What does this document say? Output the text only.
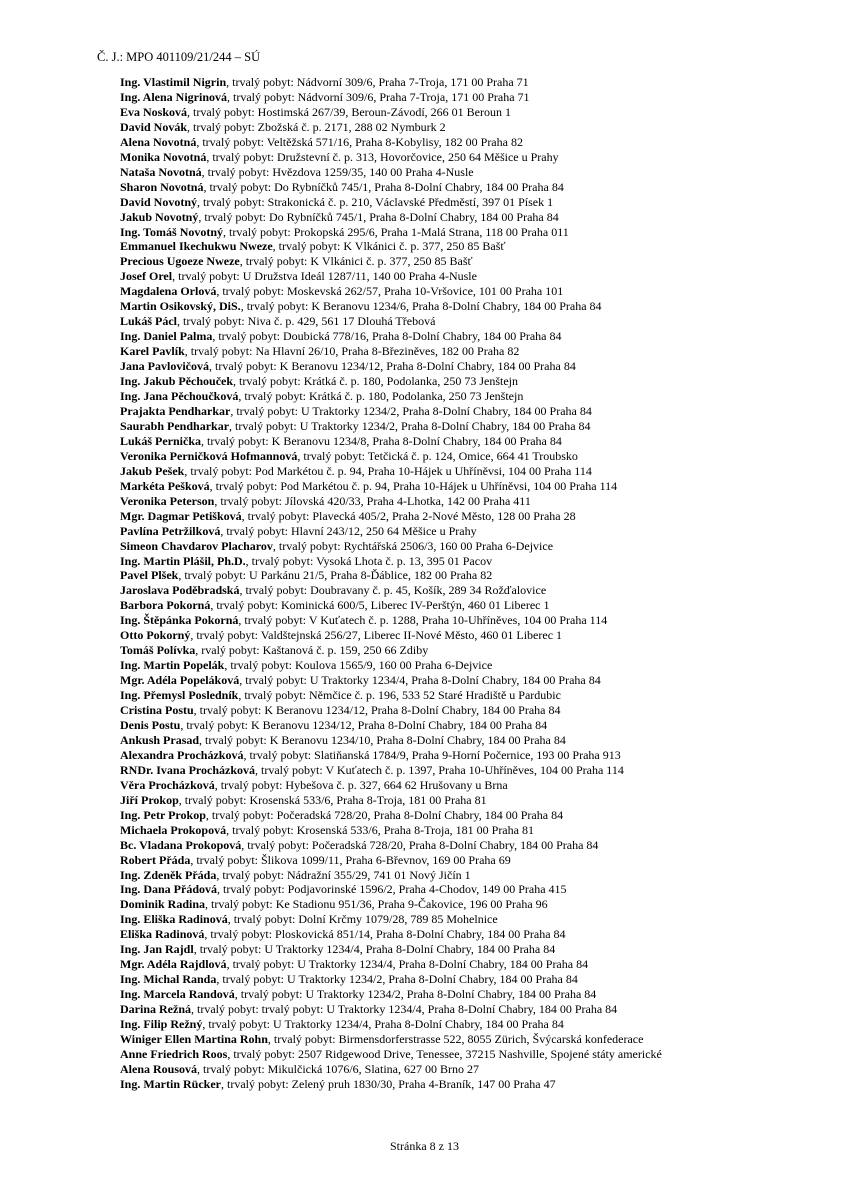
Č. J.: MPO 401109/21/244 – SÚ
Ing. Vlastimil Nigrin, trvalý pobyt: Nádvorní 309/6, Praha 7-Troja, 171 00 Praha 71
Ing. Alena Nigrinová, trvalý pobyt: Nádvorní 309/6, Praha 7-Troja, 171 00 Praha 71
Eva Nosková, trvalý pobyt: Hostimská 267/39, Beroun-Závodí, 266 01 Beroun 1
David Novák, trvalý pobyt: Zbožská č. p. 2171, 288 02 Nymburk 2
Alena Novotná, trvalý pobyt: Veltěžská 571/16, Praha 8-Kobylisy, 182 00 Praha 82
Monika Novotná, trvalý pobyt: Družstevní č. p. 313, Hovorčovice, 250 64 Měšice u Prahy
Nataša Novotná, trvalý pobyt: Hvězdova 1259/35, 140 00 Praha 4-Nusle
Sharon Novotná, trvalý pobyt: Do Rybníčků 745/1, Praha 8-Dolní Chabry, 184 00 Praha 84
David Novotný, trvalý pobyt: Strakonická č. p. 210, Václavské Předměstí, 397 01 Písek 1
Jakub Novotný, trvalý pobyt: Do Rybníčků 745/1, Praha 8-Dolní Chabry, 184 00 Praha 84
Ing. Tomáš Novotný, trvalý pobyt: Prokopská 295/6, Praha 1-Malá Strana, 118 00 Praha 011
Emmanuel Ikechukwu Nweze, trvalý pobyt: K Vlkánici č. p. 377, 250 85 Bašť
Precious Ugoeze Nweze, trvalý pobyt: K Vlkánici č. p. 377, 250 85 Bašť
Josef Orel, trvalý pobyt: U Družstva Ideál 1287/11, 140 00 Praha 4-Nusle
Magdalena Orlová, trvalý pobyt: Moskevská 262/57, Praha 10-Vršovice, 101 00 Praha 101
Martin Osikovský, DiS., trvalý pobyt: K Beranovu 1234/6, Praha 8-Dolní Chabry, 184 00 Praha 84
Lukáš Pácl, trvalý pobyt: Niva č. p. 429, 561 17 Dlouhá Třebová
Ing. Daniel Palma, trvalý pobyt: Doubická 778/16, Praha 8-Dolní Chabry, 184 00 Praha 84
Karel Pavlík, trvalý pobyt: Na Hlavní 26/10, Praha 8-Březiněves, 182 00 Praha 82
Jana Pavlovičová, trvalý pobyt: K Beranovu 1234/12, Praha 8-Dolní Chabry, 184 00 Praha 84
Ing. Jakub Pěchouček, trvalý pobyt: Krátká č. p. 180, Podolanka, 250 73 Jenštejn
Ing. Jana Pěchoučková, trvalý pobyt: Krátká č. p. 180, Podolanka, 250 73 Jenštejn
Prajakta Pendharkar, trvalý pobyt: U Traktorky 1234/2, Praha 8-Dolní Chabry, 184 00 Praha 84
Saurabh Pendharkar, trvalý pobyt: U Traktorky 1234/2, Praha 8-Dolní Chabry, 184 00 Praha 84
Lukáš Pernička, trvalý pobyt: K Beranovu 1234/8, Praha 8-Dolní Chabry, 184 00 Praha 84
Veronika Perničková Hofmannová, trvalý pobyt: Tetčická č. p. 124, Omice, 664 41 Troubsko
Jakub Pešek, trvalý pobyt: Pod Markétou č. p. 94, Praha 10-Hájek u Uhříněvsi, 104 00 Praha 114
Markéta Pešková, trvalý pobyt: Pod Markétou č. p. 94, Praha 10-Hájek u Uhříněvsi, 104 00 Praha 114
Veronika Peterson, trvalý pobyt: Jílovská 420/33, Praha 4-Lhotka, 142 00 Praha 411
Mgr. Dagmar Petišková, trvalý pobyt: Plavecká 405/2, Praha 2-Nové Město, 128 00 Praha 28
Pavlína Petržilková, trvalý pobyt: Hlavní 243/12, 250 64 Měšice u Prahy
Simeon Chavdarov Placharov, trvalý pobyt: Rychtářská 2506/3, 160 00 Praha 6-Dejvice
Ing. Martin Plášil, Ph.D., trvalý pobyt: Vysoká Lhota č. p. 13, 395 01 Pacov
Pavel Plšek, trvalý pobyt: U Parkánu 21/5, Praha 8-Ďáblice, 182 00 Praha 82
Jaroslava Poděbradská, trvalý pobyt: Doubravany č. p. 45, Košík, 289 34 Rožďalovice
Barbora Pokorná, trvalý pobyt: Kominická 600/5, Liberec IV-Perštýn, 460 01 Liberec 1
Ing. Štěpánka Pokorná, trvalý pobyt: V Kuťatech č. p. 1288, Praha 10-Uhříněves, 104 00 Praha 114
Otto Pokorný, trvalý pobyt: Valdštejnská 256/27, Liberec II-Nové Město, 460 01 Liberec 1
Tomáš Polívka, rvalý pobyt: Kaštanová č. p. 159, 250 66 Zdiby
Ing. Martin Popelák, trvalý pobyt: Koulova 1565/9, 160 00 Praha 6-Dejvice
Mgr. Adéla Popeláková, trvalý pobyt: U Traktorky 1234/4, Praha 8-Dolní Chabry, 184 00 Praha 84
Ing. Přemysl Posledník, trvalý pobyt: Němčice č. p. 196, 533 52 Staré Hradiště u Pardubic
Cristina Postu, trvalý pobyt: K Beranovu 1234/12, Praha 8-Dolní Chabry, 184 00 Praha 84
Denis Postu, trvalý pobyt: K Beranovu 1234/12, Praha 8-Dolní Chabry, 184 00 Praha 84
Ankush Prasad, trvalý pobyt: K Beranovu 1234/10, Praha 8-Dolní Chabry, 184 00 Praha 84
Alexandra Procházková, trvalý pobyt: Slatiňanská 1784/9, Praha 9-Horní Počernice, 193 00 Praha 913
RNDr. Ivana Procházková, trvalý pobyt: V Kuťatech č. p. 1397, Praha 10-Uhříněves, 104 00 Praha 114
Věra Procházková, trvalý pobyt: Hybešova č. p. 327, 664 62 Hrušovany u Brna
Jiří Prokop, trvalý pobyt: Krosenská 533/6, Praha 8-Troja, 181 00 Praha 81
Ing. Petr Prokop, trvalý pobyt: Počeradská 728/20, Praha 8-Dolní Chabry, 184 00 Praha 84
Michaela Prokopová, trvalý pobyt: Krosenská 533/6, Praha 8-Troja, 181 00 Praha 81
Bc. Vladana Prokopová, trvalý pobyt: Počeradská 728/20, Praha 8-Dolní Chabry, 184 00 Praha 84
Robert Přáda, trvalý pobyt: Šlikova 1099/11, Praha 6-Břevnov, 169 00 Praha 69
Ing. Zdeněk Přáda, trvalý pobyt: Nádražní 355/29, 741 01 Nový Jičín 1
Ing. Dana Přádová, trvalý pobyt: Podjavorinské 1596/2, Praha 4-Chodov, 149 00 Praha 415
Dominik Radina, trvalý pobyt: Ke Stadionu 951/36, Praha 9-Čakovice, 196 00 Praha 96
Ing. Eliška Radinová, trvalý pobyt: Dolní Krčmy 1079/28, 789 85 Mohelnice
Eliška Radinová, trvalý pobyt: Ploskovická 851/14, Praha 8-Dolní Chabry, 184 00 Praha 84
Ing. Jan Rajdl, trvalý pobyt: U Traktorky 1234/4, Praha 8-Dolní Chabry, 184 00 Praha 84
Mgr. Adéla Rajdlová, trvalý pobyt: U Traktorky 1234/4, Praha 8-Dolní Chabry, 184 00 Praha 84
Ing. Michal Randa, trvalý pobyt: U Traktorky 1234/2, Praha 8-Dolní Chabry, 184 00 Praha 84
Ing. Marcela Randová, trvalý pobyt: U Traktorky 1234/2, Praha 8-Dolní Chabry, 184 00 Praha 84
Darina Režná, trvalý pobyt: trvalý pobyt: U Traktorky 1234/4, Praha 8-Dolní Chabry, 184 00 Praha 84
Ing. Filip Režný, trvalý pobyt: U Traktorky 1234/4, Praha 8-Dolní Chabry, 184 00 Praha 84
Winiger Ellen Martina Rohn, trvalý pobyt: Birmensdorferstrasse 522, 8055 Zürich, Švýcarská konfederace
Anne Friedrich Roos, trvalý pobyt: 2507 Ridgewood Drive, Tenessee, 37215 Nashville, Spojené státy americké
Alena Rousová, trvalý pobyt: Mikulčická 1076/6, Slatina, 627 00 Brno 27
Ing. Martin Rücker, trvalý pobyt: Zelený pruh 1830/30, Praha 4-Braník, 147 00 Praha 47
Stránka 8 z 13
